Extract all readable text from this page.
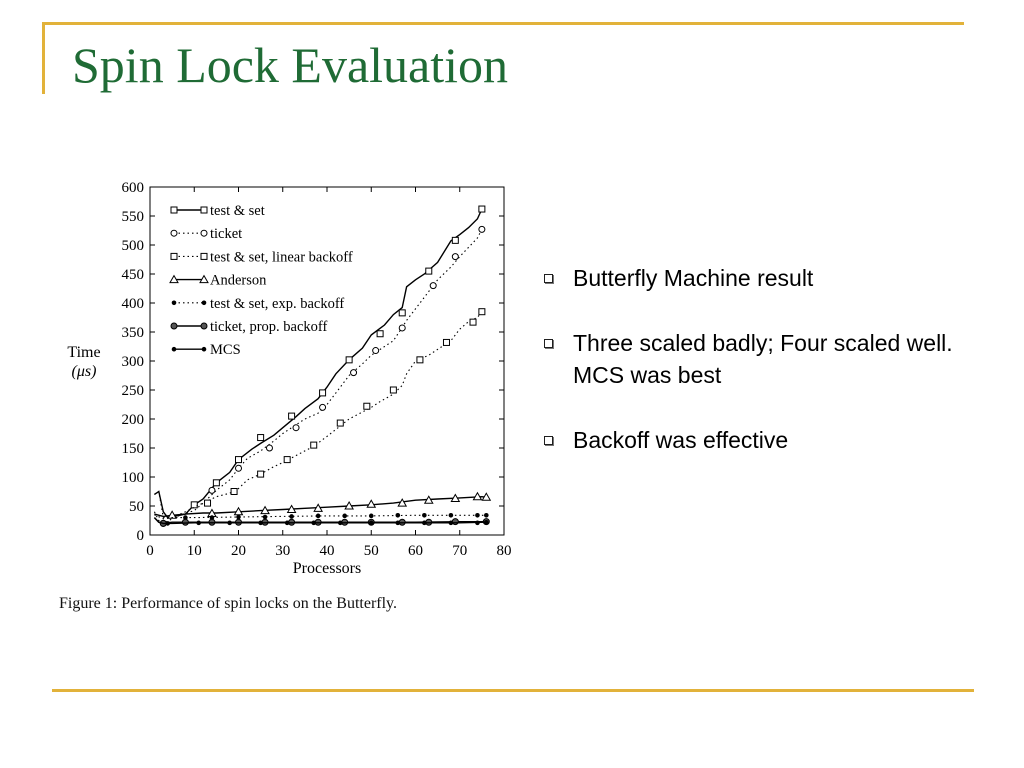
Spin Lock Evaluation
0
50
100
150
200
250
300
350
400
450
500
550
600
0 10 20 30 40 50 60 70 80
Processors
Time
(μs)
test & set
ticket
test & set, linear backoff
Anderson
test & set, exp. backoff
ticket, prop. backoff
MCS

Figure 1: Performance of spin locks on the Butterfly.

Butterfly Machine result
Three scaled badly; Four scaled well. MCS was best
Backoff was effective
